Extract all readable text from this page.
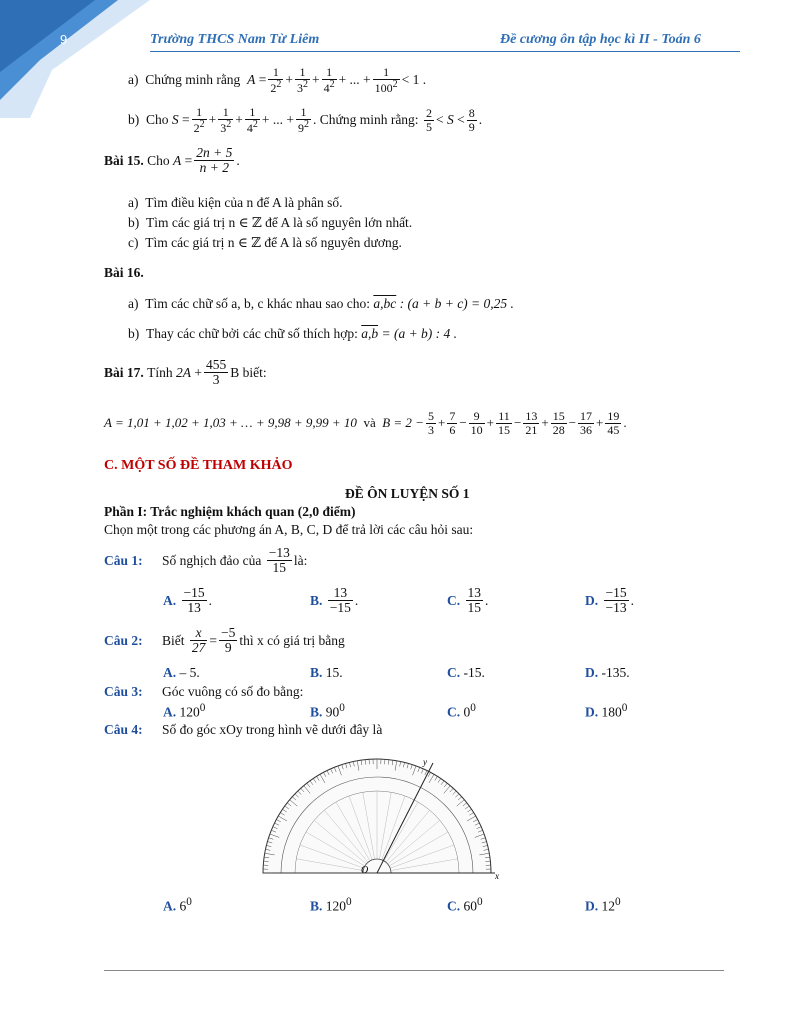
9	Trường THCS Nam Từ Liêm	Đề cương ôn tập học kì II - Toán 6
a)
Chứng minh rằng
$A = \frac{1}{2^2} + \frac{1}{3^2} + \frac{1}{4^2}$ + ... + $\frac{1}{100^2} < 1$ .
b)
Cho
$S = \frac{1}{2^2} + \frac{1}{3^2} + \frac{1}{4^2}$ + ... + $\frac{1}{9^2}$ . Chứng minh rằng:
$\frac{2}{5} < S < \frac{8}{9}$ .
Bài 15.
Cho
$A = \frac{2n + 5}{n + 2}$ .
a) Tìm điều kiện của n để A là phân số.
b) Tìm các giá trị n ∈ ℤ để A là số nguyên lớn nhất.
c) Tìm các giá trị n ∈ ℤ để A là số nguyên dương.
Bài 16.
a) Tìm các chữ số a, b, c khác nhau sao cho: a,bc : (a + b + c) = 0,25 .
b) Thay các chữ bởi các chữ số thích hợp: a,b = (a + b) : 4 .
Bài 17.
Tính
$2A + \frac{455}{3}$ B biết:
A = 1,01 + 1,02 + 1,03 + … + 9,98 + 9,99 + 10
và
$B = 2 - \frac{5}{3} + \frac{7}{6} - \frac{9}{10} + \frac{11}{15} - \frac{13}{21} + \frac{15}{28} - \frac{17}{36} + \frac{19}{45}$ .
C. MỘT SỐ ĐỀ THAM KHẢO
ĐỀ ÔN LUYỆN SỐ 1
Phần I: Trắc nghiệm khách quan (2,0 điểm)
Chọn một trong các phương án A, B, C, D để trả lời các câu hỏi sau:
Câu 1:	Số nghịch đảo của
$\frac{-13}{15}$ là:
A.
$\frac{-15}{13}$ .	B.
$\frac{13}{-15}$ .	C.
$\frac{13}{15}$ .	D.
$\frac{-15}{-13}$ .
Câu 2:	Biết
$\frac{x}{27} = \frac{-5}{9}$ thì x có giá trị bằng
A. – 5.	B. 15.	C. -15.	D. -135.
Câu 3: Góc vuông có số đo bằng:
A. $120^0$	B. $90^0$	C. $0^0$	D. $180^0$
Câu 4: Số đo góc xOy trong hình vẽ dưới đây là
O	x
y
A. $6^0$	B. $120^0$	C. $60^0$	D. $12^0$
